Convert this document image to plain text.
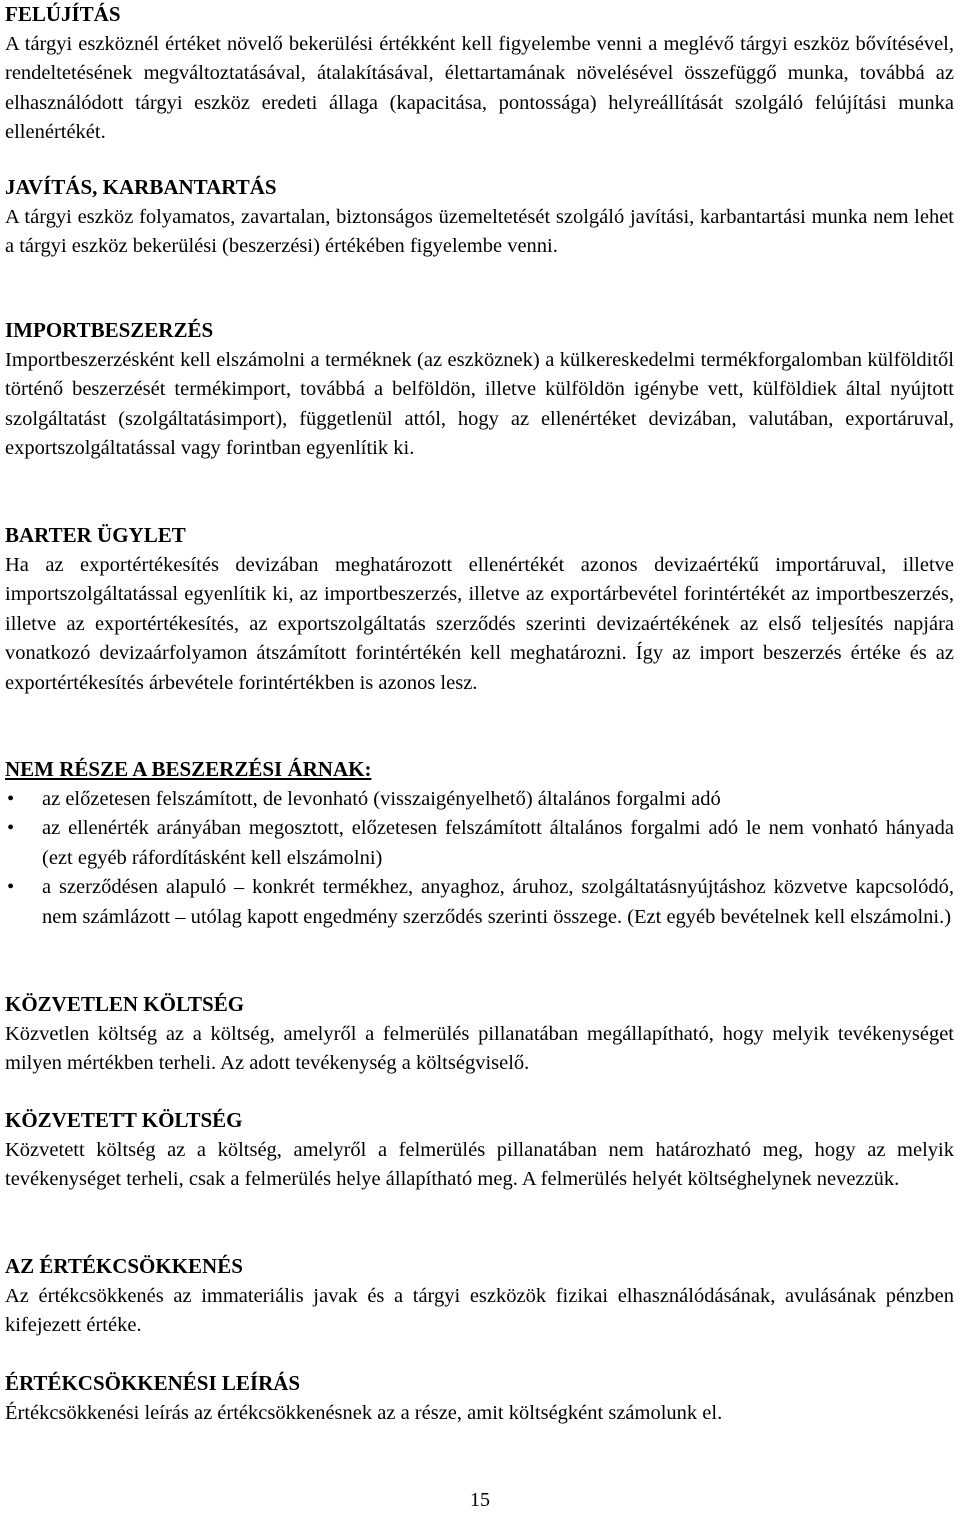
FELÚJÍTÁS

A tárgyi eszköznél értéket növelő bekerülési értékként kell figyelembe venni a meglévő tárgyi eszköz bővítésével, rendeltetésének megváltoztatásával, átalakításával, élettartamának növelésével összefüggő munka, továbbá az elhasználódott tárgyi eszköz eredeti állaga (kapacitása, pontossága) helyreállítását szolgáló felújítási munka ellenértékét.

JAVÍTÁS, KARBANTARTÁS

A tárgyi eszköz folyamatos, zavartalan, biztonságos üzemeltetését szolgáló javítási, karbantartási munka nem lehet a tárgyi eszköz bekerülési (beszerzési) értékében figyelembe venni.

IMPORTBESZERZÉS

Importbeszerzésként kell elszámolni a terméknek (az eszköznek) a külkereskedelmi termékforgalomban külfölditől történő beszerzését termékimport, továbbá a belföldön, illetve külföldön igénybe vett, külföldiek által nyújtott szolgáltatást (szolgáltatásimport), függetlenül attól, hogy az ellenértéket devizában, valutában, exportáruval, exportszolgáltatással vagy forintban egyenlítik ki.

BARTER ÜGYLET

Ha az exportértékesítés devizában meghatározott ellenértékét azonos devizaértékű importáruval, illetve importszolgáltatással egyenlítik ki, az importbeszerzés, illetve az exportárbevétel forintértékét az importbeszerzés, illetve az exportértékesítés, az exportszolgáltatás szerződés szerinti devizaértékének az első teljesítés napjára vonatkozó devizaárfolyamon átszámított forintértékén kell meghatározni. Így az import beszerzés értéke és az exportértékesítés árbevétele forintértékben is azonos lesz.

NEM RÉSZE A BESZERZÉSI ÁRNAK:
• az előzetesen felszámított, de levonható (visszaigényelhető) általános forgalmi adó
• az ellenérték arányában megosztott, előzetesen felszámított általános forgalmi adó le nem vonható hányada (ezt egyéb ráfordításként kell elszámolni)
• a szerződésen alapuló – konkrét termékhez, anyaghoz, áruhoz, szolgáltatásnyújtáshoz közvetve kapcsolódó, nem számlázott – utólag kapott engedmény szerződés szerinti összege. (Ezt egyéb bevételnek kell elszámolni.)
KÖZVETLEN KÖLTSÉG

Közvetlen költség az a költség, amelyről a felmerülés pillanatában megállapítható, hogy melyik tevékenységet milyen mértékben terheli. Az adott tevékenység a költségviselő.

KÖZVETETT KÖLTSÉG

Közvetett költség az a költség, amelyről a felmerülés pillanatában nem határozható meg, hogy az melyik tevékenységet terheli, csak a felmerülés helye állapítható meg. A felmerülés helyét költséghelynek nevezzük.

AZ ÉRTÉKCSÖKKENÉS

Az értékcsökkenés az immateriális javak és a tárgyi eszközök fizikai elhasználódásának, avulásának pénzben kifejezett értéke.

ÉRTÉKCSÖKKENÉSI LEÍRÁS

Értékcsökkenési leírás az értékcsökkenésnek az a része, amit költségként számolunk el.

15
